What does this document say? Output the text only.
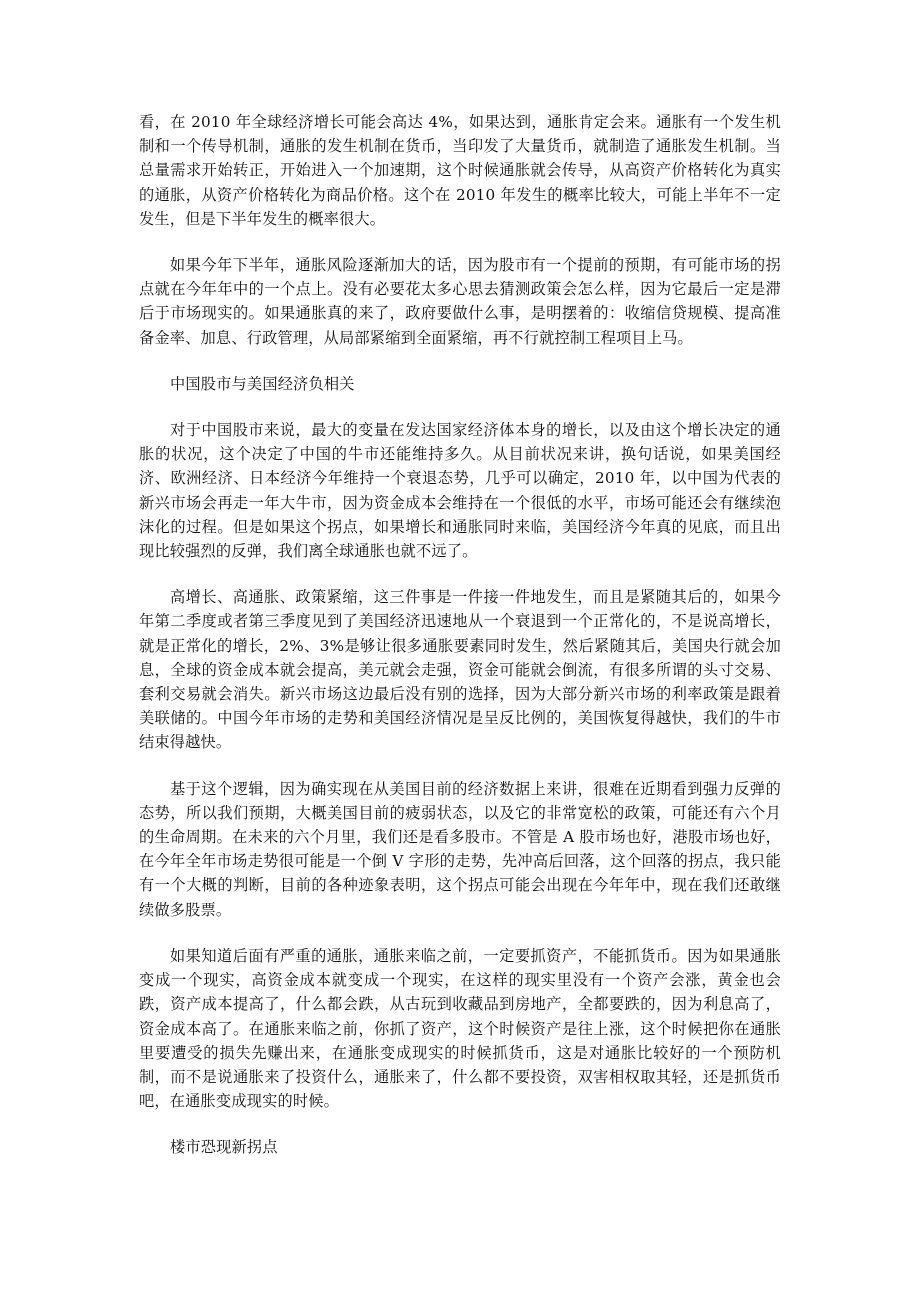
看，在 2010 年全球经济增长可能会高达 4%，如果达到，通胀肯定会来。通胀有一个发生机制和一个传导机制，通胀的发生机制在货币，当印发了大量货币，就制造了通胀发生机制。当总量需求开始转正，开始进入一个加速期，这个时候通胀就会传导，从高资产价格转化为真实的通胀，从资产价格转化为商品价格。这个在 2010 年发生的概率比较大，可能上半年不一定发生，但是下半年发生的概率很大。

如果今年下半年，通胀风险逐渐加大的话，因为股市有一个提前的预期，有可能市场的拐点就在今年年中的一个点上。没有必要花太多心思去猜测政策会怎么样，因为它最后一定是滞后于市场现实的。如果通胀真的来了，政府要做什么事，是明摆着的：收缩信贷规模、提高准备金率、加息、行政管理，从局部紧缩到全面紧缩，再不行就控制工程项目上马。

中国股市与美国经济负相关

对于中国股市来说，最大的变量在发达国家经济体本身的增长，以及由这个增长决定的通胀的状况，这个决定了中国的牛市还能维持多久。从目前状况来讲，换句话说，如果美国经济、欧洲经济、日本经济今年维持一个衰退态势，几乎可以确定，2010 年，以中国为代表的新兴市场会再走一年大牛市，因为资金成本会维持在一个很低的水平，市场可能还会有继续泡沫化的过程。但是如果这个拐点，如果增长和通胀同时来临，美国经济今年真的见底，而且出现比较强烈的反弹，我们离全球通胀也就不远了。

高增长、高通胀、政策紧缩，这三件事是一件接一件地发生，而且是紧随其后的，如果今年第二季度或者第三季度见到了美国经济迅速地从一个衰退到一个正常化的，不是说高增长，就是正常化的增长，2%、3%是够让很多通胀要素同时发生，然后紧随其后，美国央行就会加息，全球的资金成本就会提高，美元就会走强，资金可能就会倒流，有很多所谓的头寸交易、套利交易就会消失。新兴市场这边最后没有别的选择，因为大部分新兴市场的利率政策是跟着美联储的。中国今年市场的走势和美国经济情况是呈反比例的，美国恢复得越快，我们的牛市结束得越快。

基于这个逻辑，因为确实现在从美国目前的经济数据上来讲，很难在近期看到强力反弹的态势，所以我们预期，大概美国目前的疲弱状态，以及它的非常宽松的政策，可能还有六个月的生命周期。在未来的六个月里，我们还是看多股市。不管是 A 股市场也好，港股市场也好，在今年全年市场走势很可能是一个倒 V 字形的走势，先冲高后回落，这个回落的拐点，我只能有一个大概的判断，目前的各种迹象表明，这个拐点可能会出现在今年年中，现在我们还敢继续做多股票。

如果知道后面有严重的通胀，通胀来临之前，一定要抓资产，不能抓货币。因为如果通胀变成一个现实，高资金成本就变成一个现实，在这样的现实里没有一个资产会涨，黄金也会跌，资产成本提高了，什么都会跌，从古玩到收藏品到房地产，全都要跌的，因为利息高了，资金成本高了。在通胀来临之前，你抓了资产，这个时候资产是往上涨，这个时候把你在通胀里要遭受的损失先赚出来，在通胀变成现实的时候抓货币，这是对通胀比较好的一个预防机制，而不是说通胀来了投资什么，通胀来了，什么都不要投资，双害相权取其轻，还是抓货币吧，在通胀变成现实的时候。

楼市恐现新拐点
